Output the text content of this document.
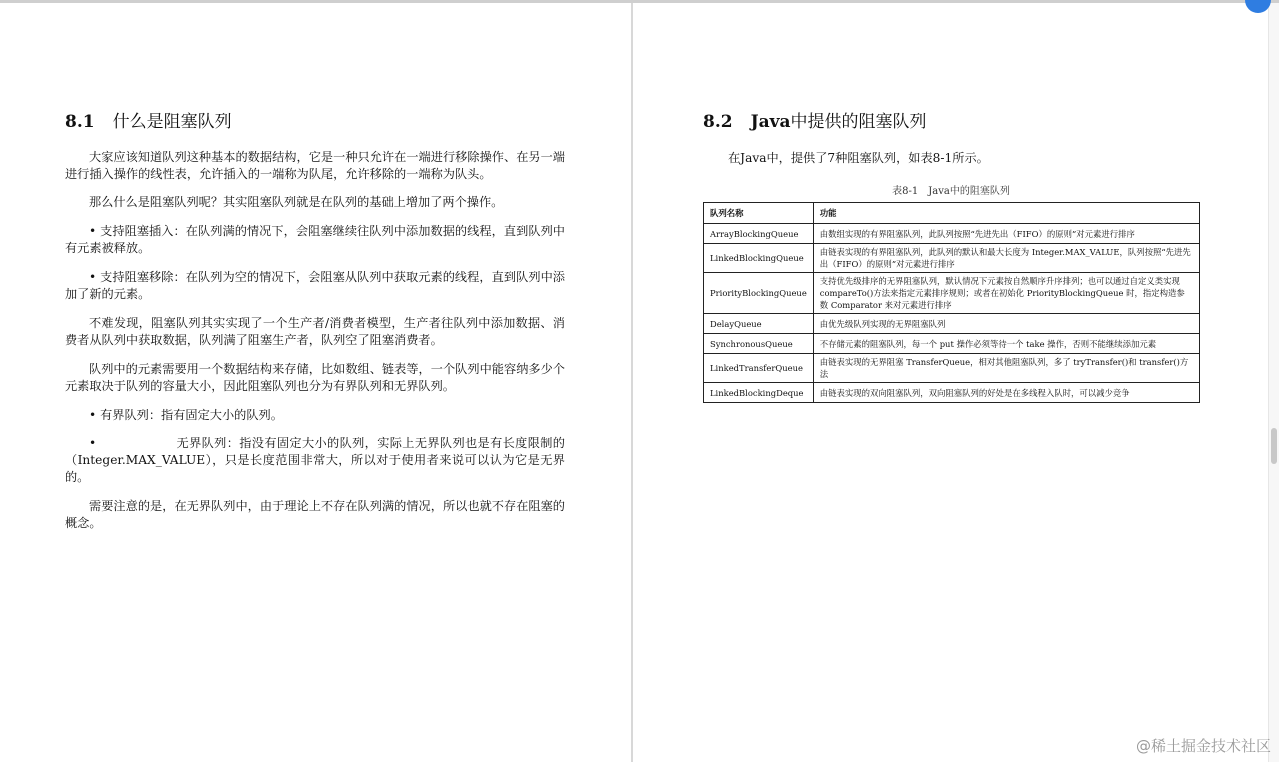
8.1 什么是阻塞队列

大家应该知道队列这种基本的数据结构，它是一种只允许在一端进行移除操作、在另一端进行插入操作的线性表，允许插入的一端称为队尾，允许移除的一端称为队头。

那么什么是阻塞队列呢？其实阻塞队列就是在队列的基础上增加了两个操作。

• 支持阻塞插入：在队列满的情况下，会阻塞继续往队列中添加数据的线程，直到队列中有元素被释放。

• 支持阻塞移除：在队列为空的情况下，会阻塞从队列中获取元素的线程，直到队列中添加了新的元素。

不难发现，阻塞队列其实实现了一个生产者/消费者模型，生产者往队列中添加数据、消费者从队列中获取数据，队列满了阻塞生产者，队列空了阻塞消费者。

队列中的元素需要用一个数据结构来存储，比如数组、链表等，一个队列中能容纳多少个元素取决于队列的容量大小，因此阻塞队列也分为有界队列和无界队列。

• 有界队列：指有固定大小的队列。

•	无界队列：指没有固定大小的队列，实际上无界队列也是有长度限制的（Integer.MAX_VALUE），只是长度范围非常大，所以对于使用者来说可以认为它是无界的。

需要注意的是，在无界队列中，由于理论上不存在队列满的情况，所以也就不存在阻塞的概念。

8.2 Java中提供的阻塞队列

在Java中，提供了7种阻塞队列，如表8-1所示。

表8-1　Java中的阻塞队列

队列名称	功能
ArrayBlockingQueue	由数组实现的有界阻塞队列，此队列按照“先进先出（FIFO）的原则”对元素进行排序
LinkedBlockingQueue	由链表实现的有界阻塞队列，此队列的默认和最大长度为 Integer.MAX_VALUE，队列按照“先进先出（FIFO）的原则”对元素进行排序
PriorityBlockingQueue	支持优先级排序的无界阻塞队列，默认情况下元素按自然顺序升序排列；也可以通过自定义类实现 compareTo()方法来指定元素排序规则；或者在初始化 PriorityBlockingQueue 时，指定构造参数 Comparator 来对元素进行排序
DelayQueue	由优先级队列实现的无界阻塞队列
SynchronousQueue	不存储元素的阻塞队列，每一个 put 操作必须等待一个 take 操作，否则不能继续添加元素
LinkedTransferQueue	由链表实现的无界阻塞 TransferQueue，相对其他阻塞队列，多了 tryTransfer()和 transfer()方法
LinkedBlockingDeque	由链表实现的双向阻塞队列，双向阻塞队列的好处是在多线程入队时，可以减少竞争
@稀土掘金技术社区
